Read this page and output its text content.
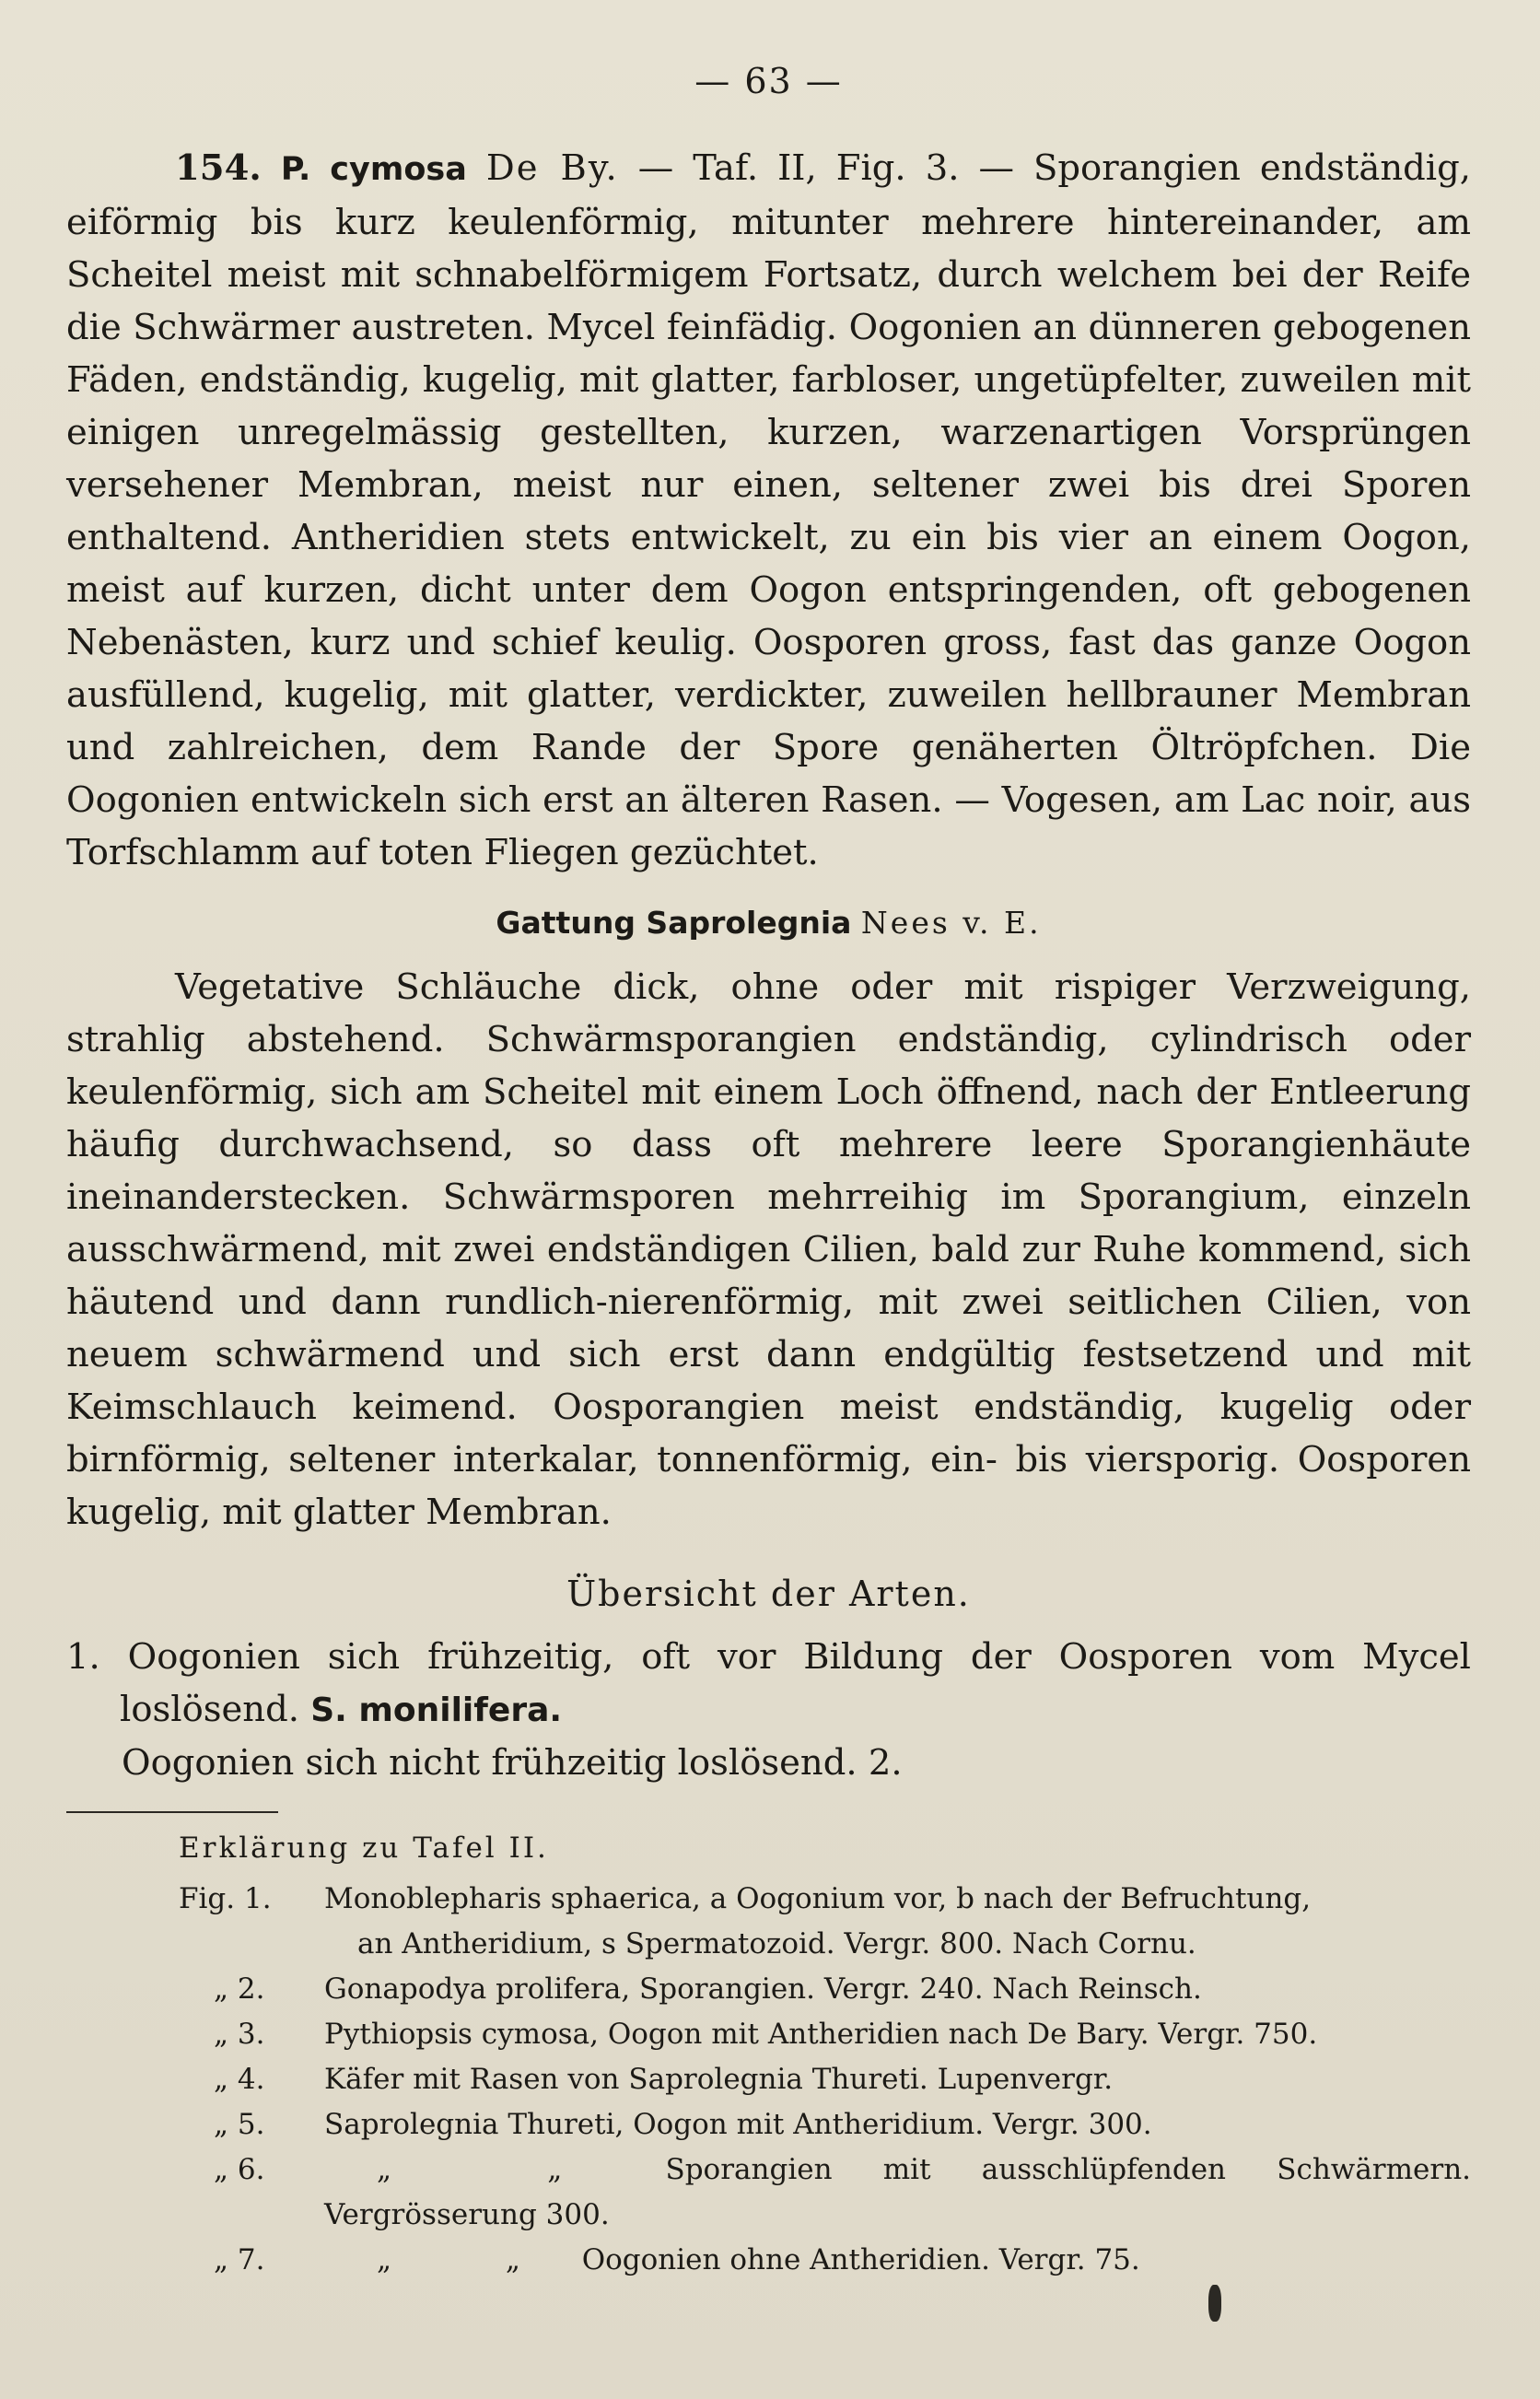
— 63 —

154. P. cymosa De By. — Taf. II, Fig. 3. — Sporangien endständig, eiförmig bis kurz keulenförmig, mitunter mehrere hintereinander, am Scheitel meist mit schnabelförmigem Fortsatz, durch welchem bei der Reife die Schwärmer austreten. Mycel feinfädig. Oogonien an dünneren gebogenen Fäden, endständig, kugelig, mit glatter, farbloser, ungetüpfelter, zuweilen mit einigen unregelmässig gestellten, kurzen, warzenartigen Vorsprüngen versehener Membran, meist nur einen, seltener zwei bis drei Sporen enthaltend. Antheridien stets entwickelt, zu ein bis vier an einem Oogon, meist auf kurzen, dicht unter dem Oogon entspringenden, oft gebogenen Nebenästen, kurz und schief keulig. Oosporen gross, fast das ganze Oogon ausfüllend, kugelig, mit glatter, verdickter, zuweilen hellbrauner Membran und zahlreichen, dem Rande der Spore genäherten Öltröpfchen. Die Oogonien entwickeln sich erst an älteren Rasen. — Vogesen, am Lac noir, aus Torfschlamm auf toten Fliegen gezüchtet.

Gattung Saprolegnia Nees v. E.

Vegetative Schläuche dick, ohne oder mit rispiger Verzweigung, strahlig abstehend. Schwärmsporangien endständig, cylindrisch oder keulenförmig, sich am Scheitel mit einem Loch öffnend, nach der Entleerung häufig durchwachsend, so dass oft mehrere leere Sporangienhäute ineinanderstecken. Schwärmsporen mehrreihig im Sporangium, einzeln ausschwärmend, mit zwei endständigen Cilien, bald zur Ruhe kommend, sich häutend und dann rundlich-nierenförmig, mit zwei seitlichen Cilien, von neuem schwärmend und sich erst dann endgültig festsetzend und mit Keimschlauch keimend. Oosporangien meist endständig, kugelig oder birnförmig, seltener interkalar, tonnenförmig, ein- bis viersporig. Oosporen kugelig, mit glatter Membran.

Übersicht der Arten.

1. Oogonien sich frühzeitig, oft vor Bildung der Oosporen vom Mycel loslösend. S. monilifera.

Oogonien sich nicht frühzeitig loslösend. 2.

Erklärung zu Tafel II.
Fig. 1.	Monoblepharis sphaerica, a Oogonium vor, b nach der Befruchtung,
an Antheridium, s Spermatozoid. Vergr. 800. Nach Cornu.
„ 2.	Gonapodya prolifera, Sporangien. Vergr. 240. Nach Reinsch.
„ 3.	Pythiopsis cymosa, Oogon mit Antheridien nach De Bary. Vergr. 750.
„ 4.	Käfer mit Rasen von Saprolegnia Thureti. Lupenvergr.
„ 5.	Saprolegnia Thureti, Oogon mit Antheridium. Vergr. 300.
„ 6.	„	„	Sporangien mit ausschlüpfenden Schwärmern. Vergrösserung 300.
„ 7.	„	„ Oogonien ohne Antheridien. Vergr. 75.
